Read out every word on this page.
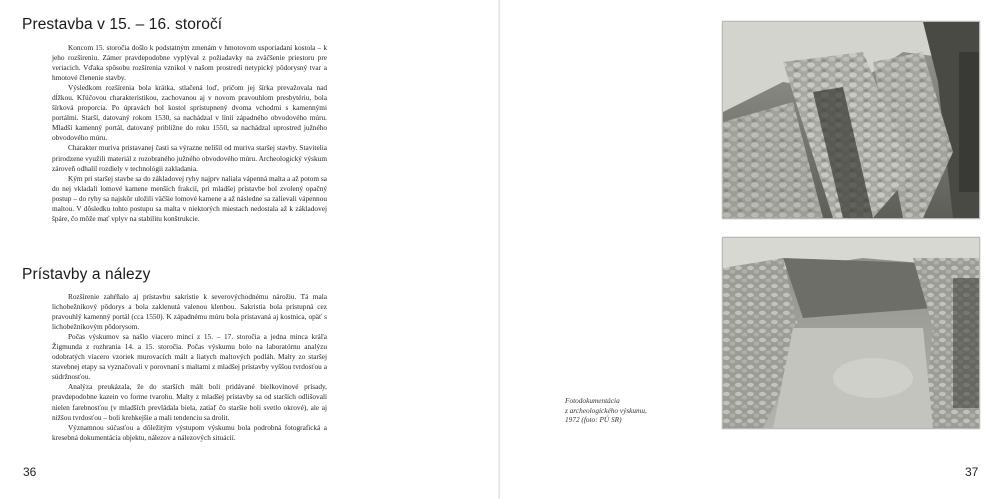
Prestavba v 15. – 16. storočí

Koncom 15. storočia došlo k podstatným zmenám v hmotovom usporiadaní kostola – k jeho rozšíreniu. Zámer pravdepodobne vyplýval z požiadavky na zväčšenie priestoru pre veriacich. Vďaka spôsobu rozšírenia vznikol v našom prostredí netypický pôdorysný tvar a hmotové členenie stavby.

Výsledkom rozšírenia bola krátka, stlačená loď, pričom jej šírka prevažovala nad dĺžkou. Kľúčovou charakteristikou, zachovanou aj v novom pravouhlom presbytériu, bola šírková proporcia. Po úpravách bol kostol sprístupnený dvoma vchodmi s kamennými portálmi. Starší, datovaný rokom 1530, sa nachádzal v línii západného obvodového múru. Mladší kamenný portál, datovaný približne do roku 1550, sa nachádzal uprostred južného obvodového múru.

Charakter muriva pristavanej časti sa výrazne nelíšil od muriva staršej stavby. Stavitelia prirodzene využili materiál z rozobraného južného obvodového múru. Archeologický výskum zároveň odhalil rozdiely v technológii zakladania.

Kým pri staršej stavbe sa do základovej ryhy najprv naliala vápenná malta a až potom sa do nej vkladali lomové kamene menších frakcií, pri mladšej prístavbe bol zvolený opačný postup – do ryhy sa najskôr uložili väčšie lomové kamene a až následne sa zalievali vápennou maltou. V dôsledku tohto postupu sa malta v niektorých miestach nedostala až k základovej špáre, čo môže mať vplyv na stabilitu konštrukcie.

Prístavby a nálezy

Rozšírenie zahŕňalo aj prístavbu sakristie k severovýchodnému nárožiu. Tá mala lichobežníkový pôdorys a bola zaklenutá valenou klenbou. Sakristia bola prístupná cez pravouhlý kamenný portál (cca 1550). K západnému múru bola pristavaná aj kostnica, opäť s lichobežníkovým pôdorysom.

Počas výskumov sa našlo viacero mincí z 15. – 17. storočia a jedna minca kráľa Žigmunda z rozhrania 14. a 15. storočia. Počas výskumu bolo na laboratórnu analýzu odobratých viacero vzoriek murovacích mált a liatych maltových podláh. Malty zo staršej stavebnej etapy sa vyznačovali v porovnaní s maltami z mladšej prístavby vyššou tvrdosťou a súdržnosťou.

Analýza preukázala, že do starších mált boli pridávané bielkovinové prísady, pravdepodobne kazein vo forme tvarohu. Malty z mladšej prístavby sa od starších odlišovali nielen farebnosťou (v mladších prevládala biela, zatiaľ čo staršie boli svetlo okrové), ale aj nižšou tvrdosťou – boli krehkejšie a mali tendenciu sa drolit.

Významnou súčasťou a dôležitým výstupom výskumu bola podrobná fotografická a kresebná dokumentácia objektu, nálezov a nálezových situácií.

36
Fotodokumentácia
z archeologického výskumu,
1972 (foto: PÚ SR)
37
